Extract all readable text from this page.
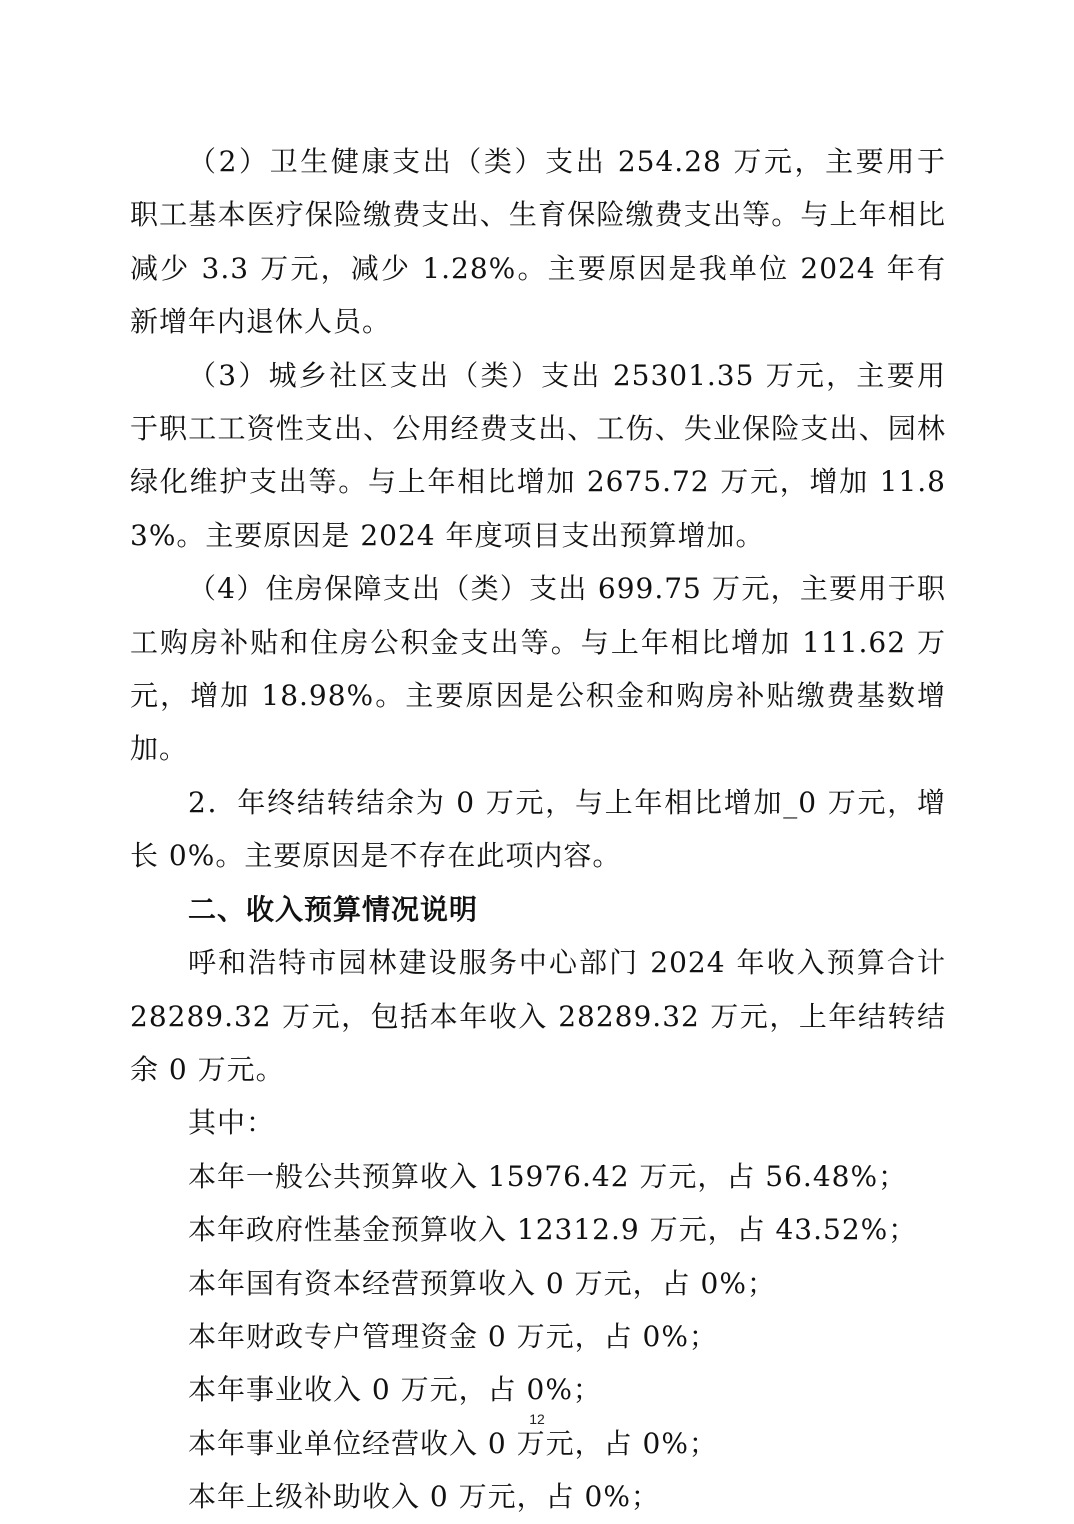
（2）卫生健康支出（类）支出 254.28 万元，主要用于 职工基本医疗保险缴费支出、生育保险缴费支出等。与上年相比减少 3.3 万元，减少 1.28%。主要原因是我单位 2024 年有新增年内退休人员。

（3）城乡社区支出（类）支出 25301.35 万元，主要用于职工工资性支出、公用经费支出、工伤、失业保险支出、园林绿化维护支出等。与上年相比增加 2675.72 万元，增加 11.83%。主要原因是 2024 年度项目支出预算增加。

（4）住房保障支出（类）支出 699.75 万元，主要用于职工购房补贴和住房公积金支出等。与上年相比增加 111.62 万元，增加 18.98%。主要原因是公积金和购房补贴缴费基数增加。

2．年终结转结余为 0 万元，与上年相比增加_0 万元，增长 0%。主要原因是不存在此项内容。

二、收入预算情况说明

呼和浩特市园林建设服务中心部门 2024 年收入预算合计 28289.32 万元，包括本年收入 28289.32 万元，上年结转结余 0 万元。

其中：

本年一般公共预算收入 15976.42 万元，占 56.48%；

本年政府性基金预算收入 12312.9 万元，占 43.52%；

本年国有资本经营预算收入 0 万元，占 0%；

本年财政专户管理资金 0 万元，占 0%；

本年事业收入 0 万元，占 0%；

本年事业单位经营收入 0 万元，占 0%；

本年上级补助收入 0 万元，占 0%；

12
